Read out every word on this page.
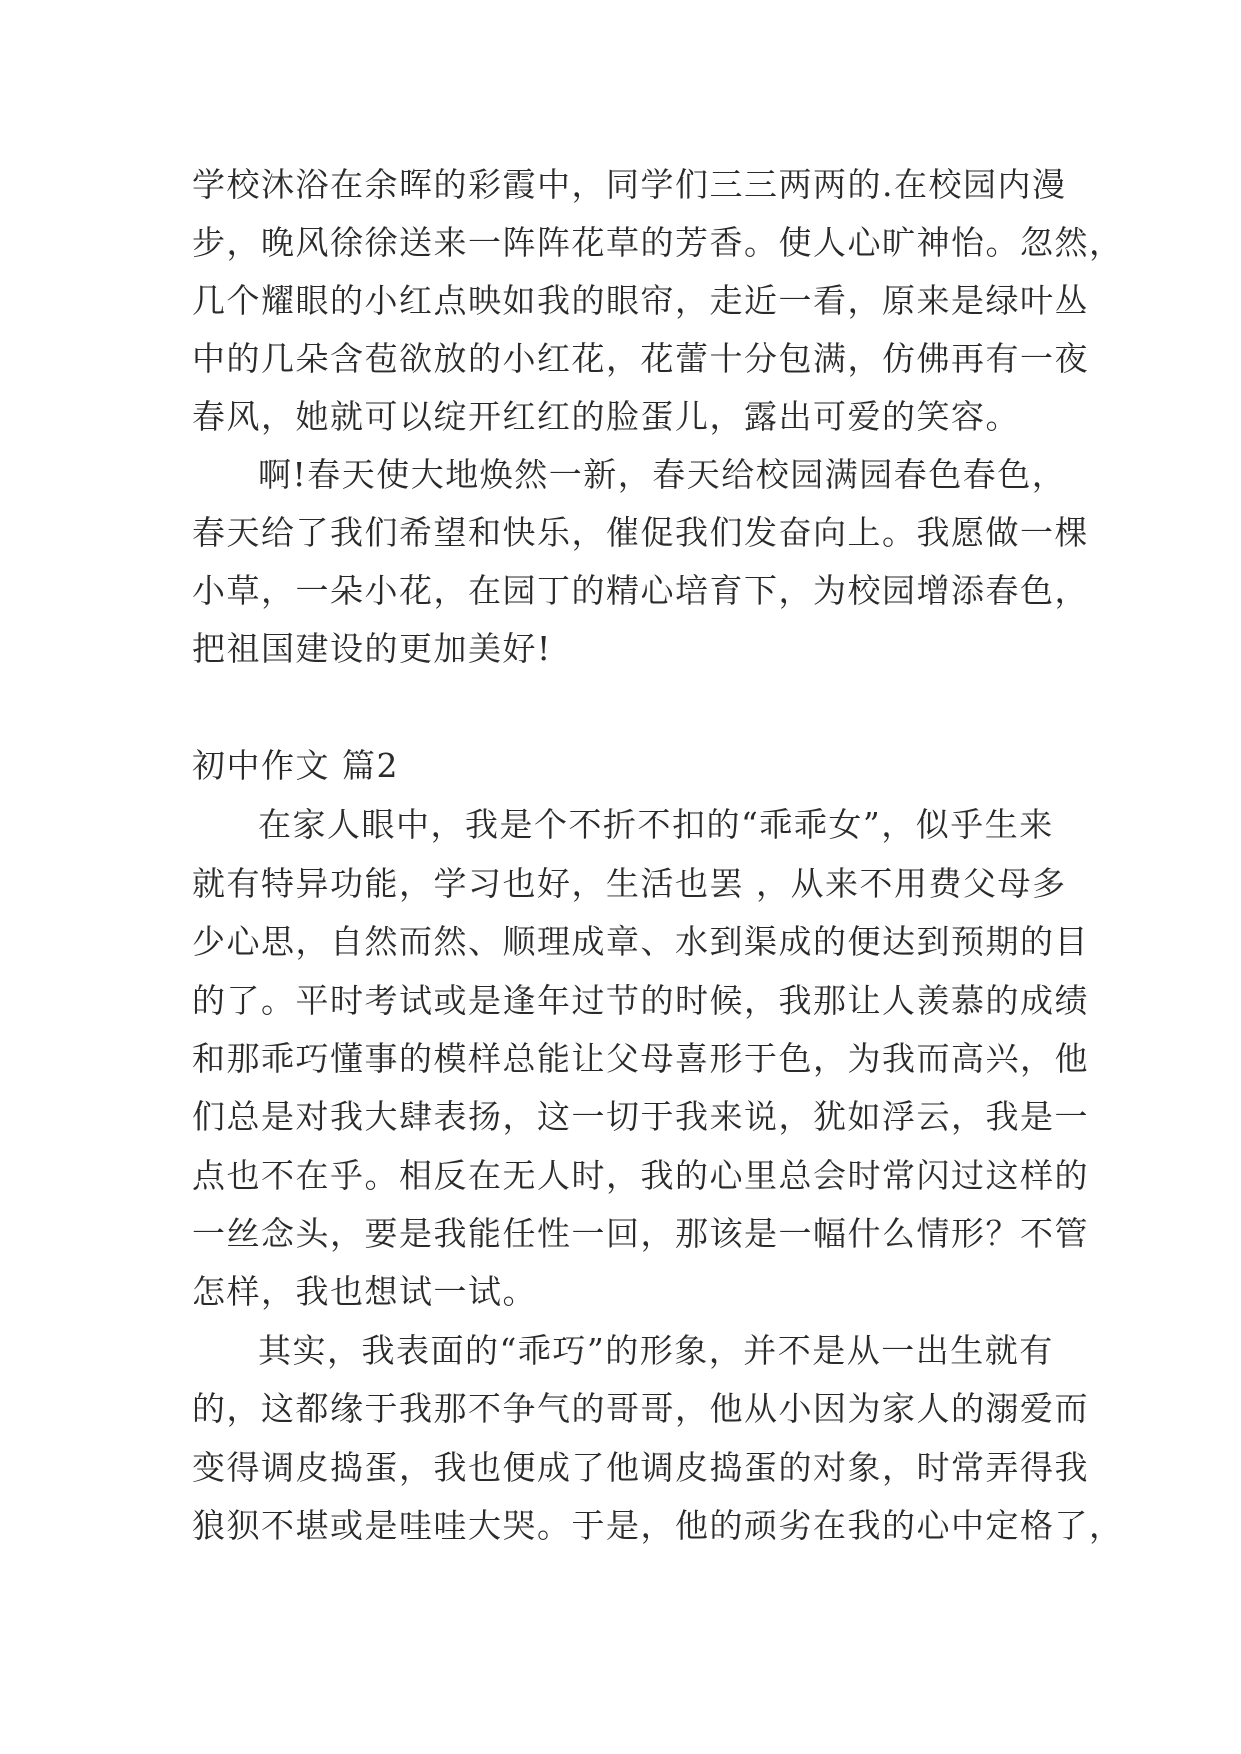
学校沐浴在余晖的彩霞中，同学们三三两两的.在校园内漫

步，晚风徐徐送来一阵阵花草的芳香。使人心旷神怡。忽然，

几个耀眼的小红点映如我的眼帘，走近一看，原来是绿叶丛

中的几朵含苞欲放的小红花，花蕾十分包满，仿佛再有一夜

春风，她就可以绽开红红的脸蛋儿，露出可爱的笑容。

啊!春天使大地焕然一新，春天给校园满园春色春色，

春天给了我们希望和快乐，催促我们发奋向上。我愿做一棵

小草，一朵小花，在园丁的精心培育下，为校园增添春色，

把祖国建设的更加美好!

初中作文 篇2

在家人眼中，我是个不折不扣的“乖乖女”，似乎生来

就有特异功能，学习也好，生活也罢 ，从来不用费父母多

少心思，自然而然、顺理成章、水到渠成的便达到预期的目

的了。平时考试或是逢年过节的时候，我那让人羡慕的成绩

和那乖巧懂事的模样总能让父母喜形于色，为我而高兴，他

们总是对我大肆表扬，这一切于我来说，犹如浮云，我是一

点也不在乎。相反在无人时，我的心里总会时常闪过这样的

一丝念头，要是我能任性一回，那该是一幅什么情形？不管

怎样，我也想试一试。

其实，我表面的“乖巧”的形象，并不是从一出生就有

的，这都缘于我那不争气的哥哥，他从小因为家人的溺爱而

变得调皮捣蛋，我也便成了他调皮捣蛋的对象，时常弄得我

狼狈不堪或是哇哇大哭。于是，他的顽劣在我的心中定格了，
